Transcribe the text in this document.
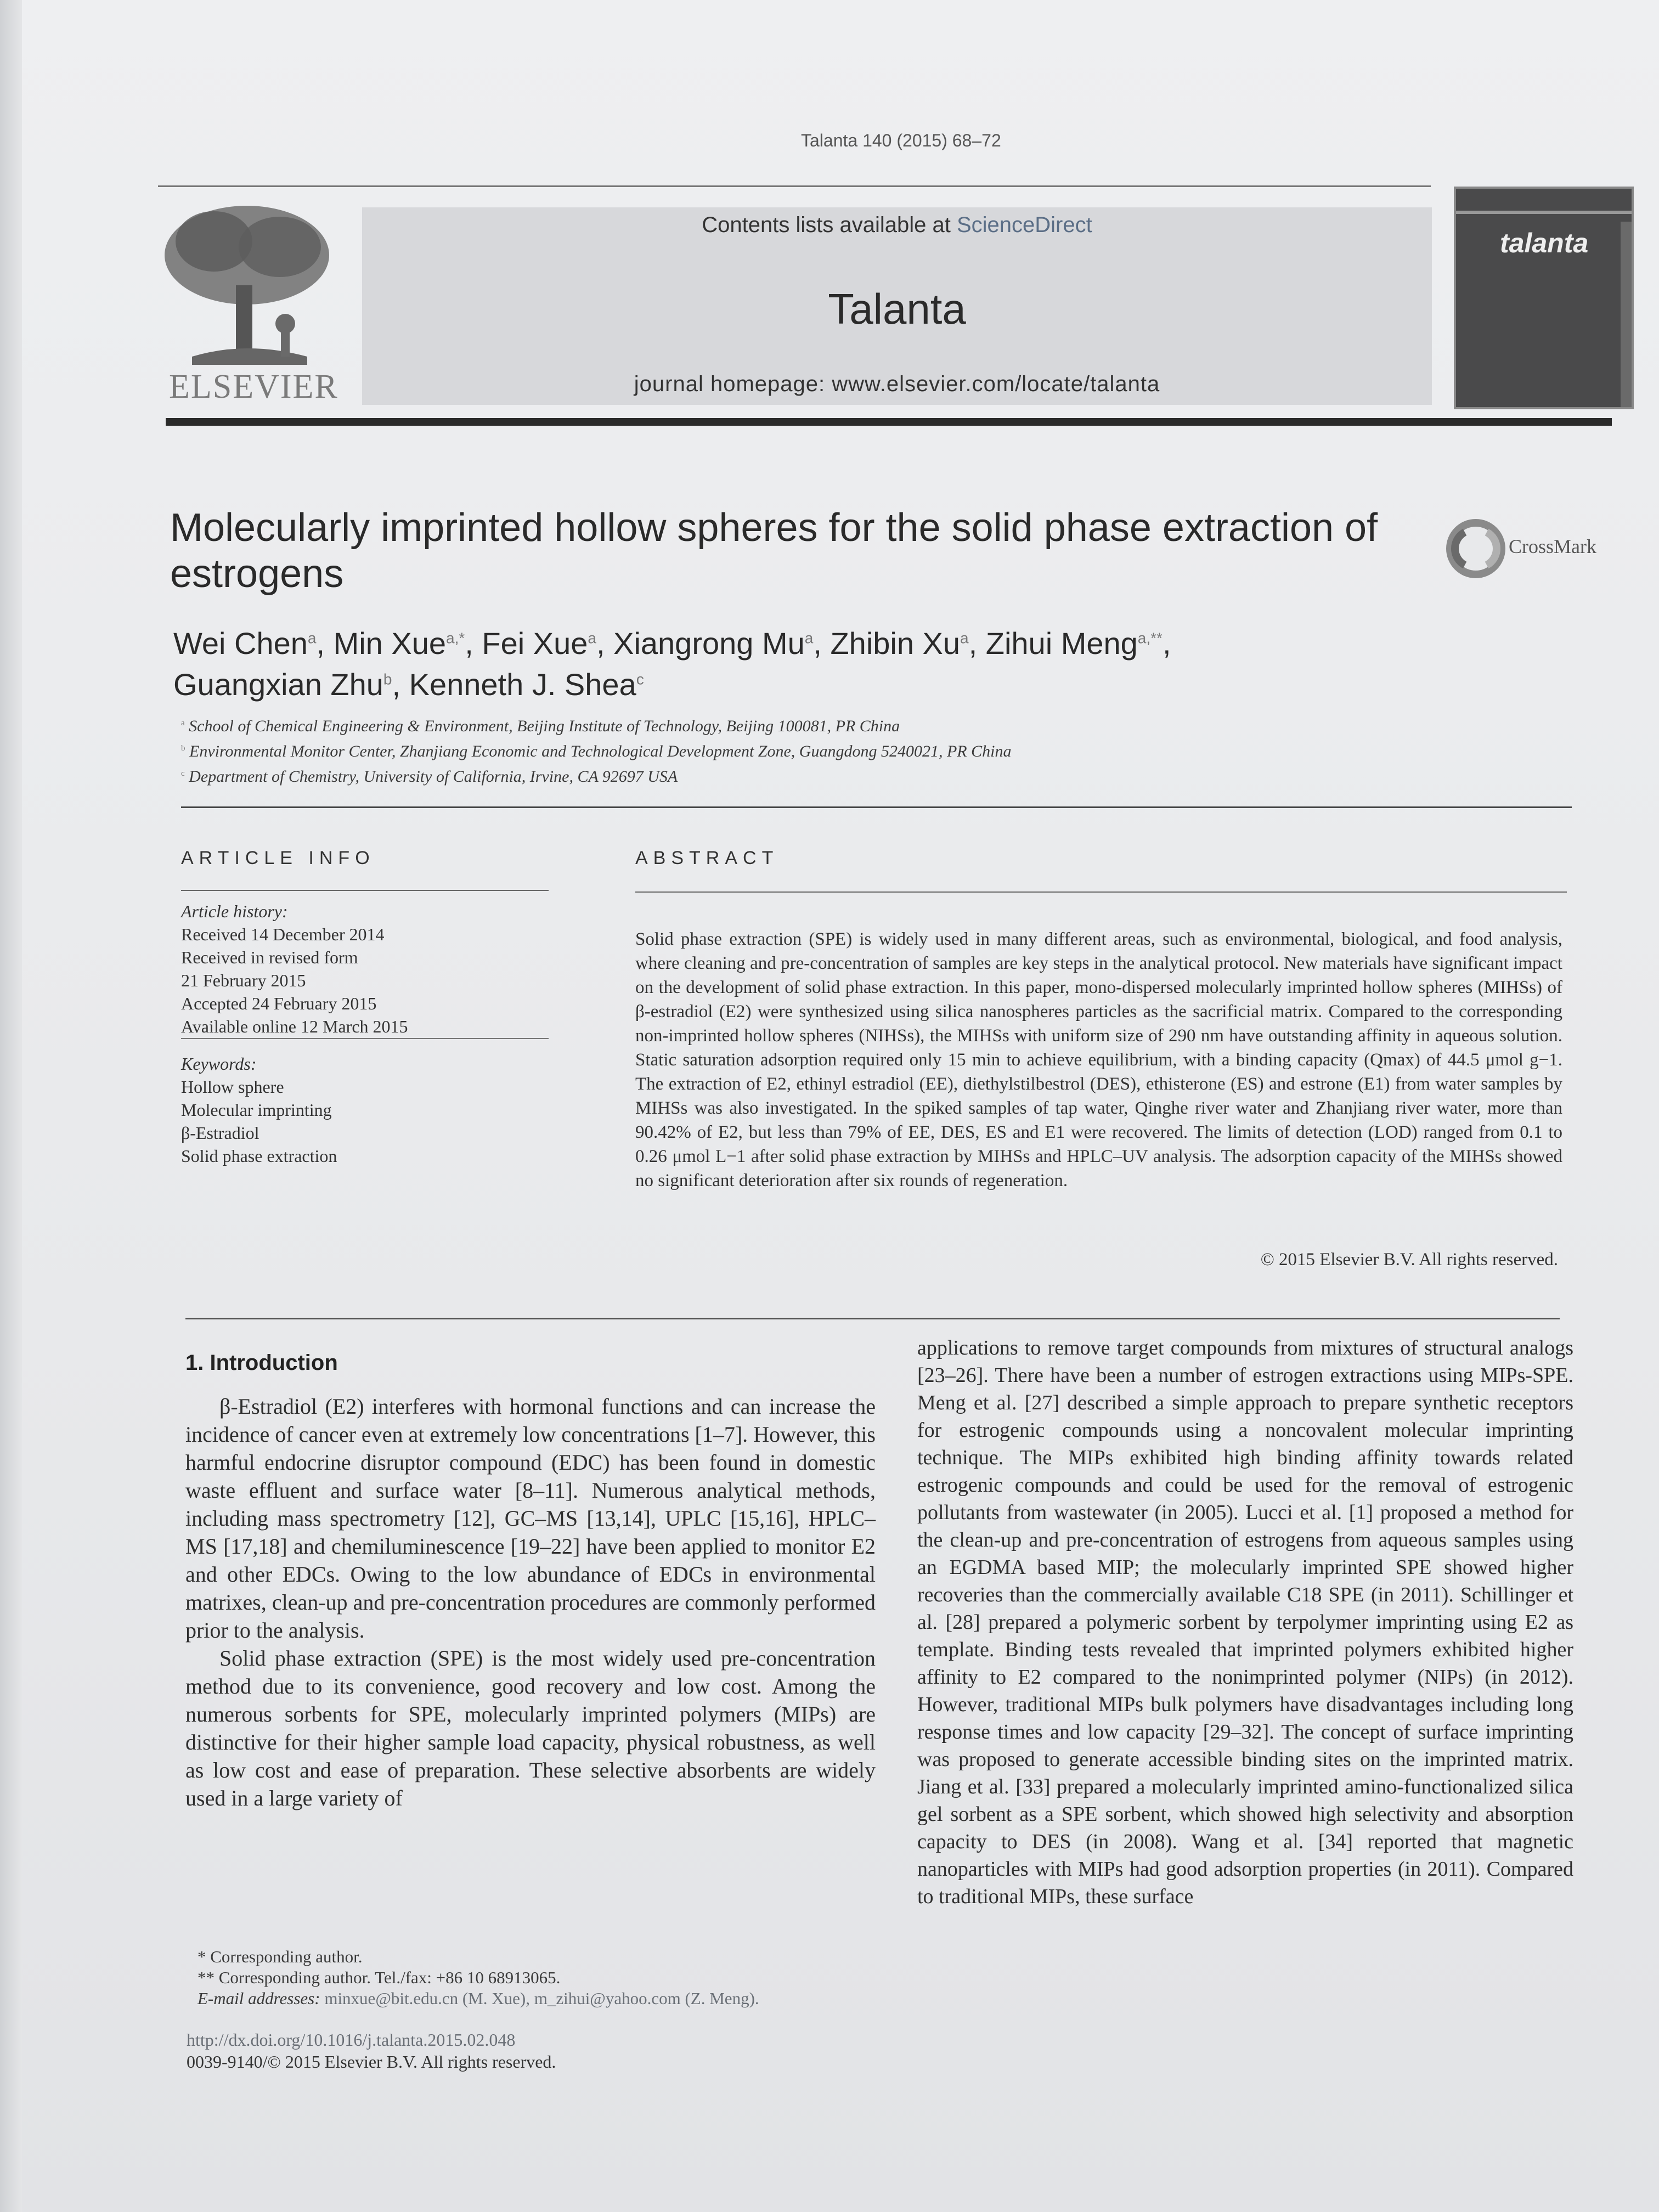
Talanta 140 (2015) 68–72
ELSEVIER
Contents lists available at ScienceDirect
Talanta
journal homepage: www.elsevier.com/locate/talanta
talanta
Molecularly imprinted hollow spheres for the solid phase extraction of estrogens
CrossMark
Wei Chen$^a$, Min Xue$^{a,*}$, Fei Xue$^a$, Xiangrong Mu$^a$, Zhibin Xu$^a$, Zihui Meng$^{a,**}$,
Guangxian Zhu$^b$, Kenneth J. Shea$^c$
$^a$ School of Chemical Engineering & Environment, Beijing Institute of Technology, Beijing 100081, PR China
$^b$ Environmental Monitor Center, Zhanjiang Economic and Technological Development Zone, Guangdong 5240021, PR China
$^c$ Department of Chemistry, University of California, Irvine, CA 92697 USA
ARTICLE INFO	ABSTRACT
Article history:
Received 14 December 2014
Received in revised form
21 February 2015
Accepted 24 February 2015
Available online 12 March 2015
Keywords:
Hollow sphere
Molecular imprinting
β-Estradiol
Solid phase extraction
Solid phase extraction (SPE) is widely used in many different areas, such as environmental, biological, and food analysis, where cleaning and pre-concentration of samples are key steps in the analytical protocol. New materials have significant impact on the development of solid phase extraction. In this paper, mono-dispersed molecularly imprinted hollow spheres (MIHSs) of β-estradiol (E2) were synthesized using silica nanospheres particles as the sacrificial matrix. Compared to the corresponding non-imprinted hollow spheres (NIHSs), the MIHSs with uniform size of 290 nm have outstanding affinity in aqueous solution. Static saturation adsorption required only 15 min to achieve equilibrium, with a binding capacity (Qmax) of 44.5 μmol g−1. The extraction of E2, ethinyl estradiol (EE), diethylstilbestrol (DES), ethisterone (ES) and estrone (E1) from water samples by MIHSs was also investigated. In the spiked samples of tap water, Qinghe river water and Zhanjiang river water, more than 90.42% of E2, but less than 79% of EE, DES, ES and E1 were recovered. The limits of detection (LOD) ranged from 0.1 to 0.26 μmol L−1 after solid phase extraction by MIHSs and HPLC–UV analysis. The adsorption capacity of the MIHSs showed no significant deterioration after six rounds of regeneration.
© 2015 Elsevier B.V. All rights reserved.
1. Introduction

β-Estradiol (E2) interferes with hormonal functions and can increase the incidence of cancer even at extremely low concentrations [1–7]. However, this harmful endocrine disruptor compound (EDC) has been found in domestic waste effluent and surface water [8–11]. Numerous analytical methods, including mass spectrometry [12], GC–MS [13,14], UPLC [15,16], HPLC–MS [17,18] and chemiluminescence [19–22] have been applied to monitor E2 and other EDCs. Owing to the low abundance of EDCs in environmental matrixes, clean-up and pre-concentration procedures are commonly performed prior to the analysis.

Solid phase extraction (SPE) is the most widely used pre-concentration method due to its convenience, good recovery and low cost. Among the numerous sorbents for SPE, molecularly imprinted polymers (MIPs) are distinctive for their higher sample load capacity, physical robustness, as well as low cost and ease of preparation. These selective absorbents are widely used in a large variety of

applications to remove target compounds from mixtures of structural analogs [23–26]. There have been a number of estrogen extractions using MIPs-SPE. Meng et al. [27] described a simple approach to prepare synthetic receptors for estrogenic compounds using a noncovalent molecular imprinting technique. The MIPs exhibited high binding affinity towards related estrogenic compounds and could be used for the removal of estrogenic pollutants from wastewater (in 2005). Lucci et al. [1] proposed a method for the clean-up and pre-concentration of estrogens from aqueous samples using an EGDMA based MIP; the molecularly imprinted SPE showed higher recoveries than the commercially available C18 SPE (in 2011). Schillinger et al. [28] prepared a polymeric sorbent by terpolymer imprinting using E2 as template. Binding tests revealed that imprinted polymers exhibited higher affinity to E2 compared to the nonimprinted polymer (NIPs) (in 2012). However, traditional MIPs bulk polymers have disadvantages including long response times and low capacity [29–32]. The concept of surface imprinting was proposed to generate accessible binding sites on the imprinted matrix. Jiang et al. [33] prepared a molecularly imprinted amino-functionalized silica gel sorbent as a SPE sorbent, which showed high selectivity and absorption capacity to DES (in 2008). Wang et al. [34] reported that magnetic nanoparticles with MIPs had good adsorption properties (in 2011). Compared to traditional MIPs, these surface

* Corresponding author.
** Corresponding author. Tel./fax: +86 10 68913065.
E-mail addresses: minxue@bit.edu.cn (M. Xue), m_zihui@yahoo.com (Z. Meng).
http://dx.doi.org/10.1016/j.talanta.2015.02.048
0039-9140/© 2015 Elsevier B.V. All rights reserved.
